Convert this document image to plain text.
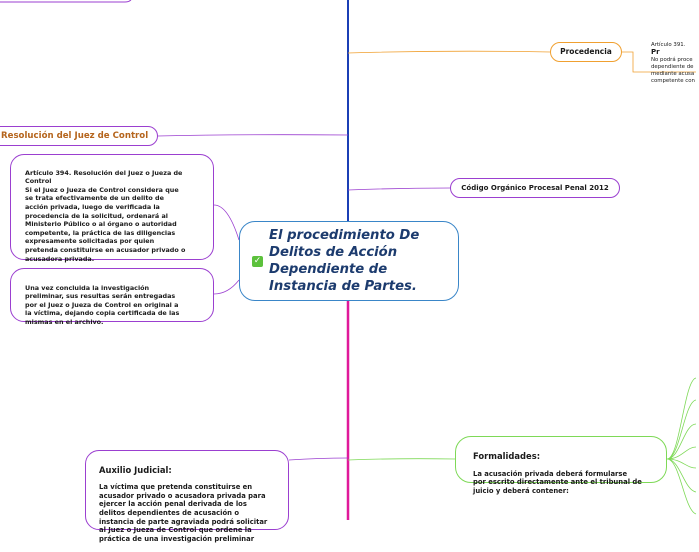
✓
El procedimiento De
Delitos de Acción
Dependiente de
Instancia de Partes.
Procedencia

Artículo 391.
Pr
No podrá proce
dependiente de
mediante acusa
competente con

Resolución del Juez de Control

Artículo 394. Resolución del Juez o Jueza de
Control
Si el Juez o Jueza de Control considera que
se trata efectivamente de un delito de
acción privada, luego de verificada la
procedencia de la solicitud, ordenará al
Ministerio Público o al órgano o autoridad
competente, la práctica de las diligencias
expresamente solicitadas por quien
pretenda constituirse en acusador privado o
acusadora privada.

Una vez concluida la investigación
preliminar, sus resultas serán entregadas
por el Juez o Jueza de Control en original a
la víctima, dejando copia certificada de las
mismas en el archivo.

Código Orgánico Procesal Penal 2012

Formalidades:

La acusación privada deberá formularse
por escrito directamente ante el tribunal de
juicio y deberá contener:

Auxilio Judicial:

La víctima que pretenda constituirse en
acusador privado o acusadora privada para
ejercer la acción penal derivada de los
delitos dependientes de acusación o
instancia de parte agraviada podrá solicitar
al Juez o Jueza de Control que ordene la
práctica de una investigación preliminar
